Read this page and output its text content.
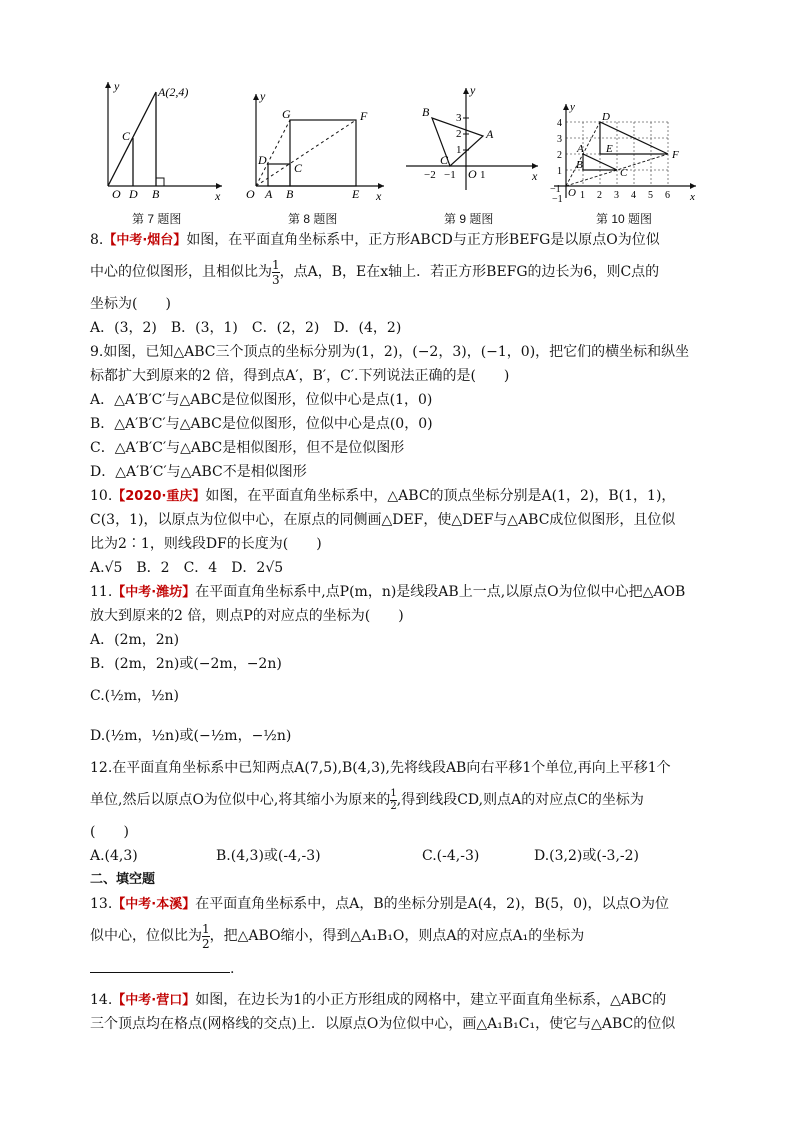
y
x
A(2,4)
C
O D B
第 7 题图
y
x
G	F
D
C
O A B	E
第 8 题图
y
x
B
A
C
O
3
2
1
−2 −1 1
第 9 题图
y
x
D
A E	F
B
C
O
4
3
2
1
−1
−1
1 2 3 4 5 6
第 10 题图
8.【中考·烟台】如图，在平面直角坐标系中，正方形ABCD与正方形BEFG是以原点O为位似
中心的位似图形，且相似比为 $\frac{1}{3}$ ，点A，B，E在x轴上．若正方形BEFG的边长为6，则C点的
坐标为(　　)
A．(3，2)　B．(3，1)　C．(2，2)　D．(4，2)
9.如图，已知△ABC三个顶点的坐标分别为(1，2)，(−2，3)，(−1，0)，把它们的横坐标和纵坐
标都扩大到原来的2 倍，得到点A′，B′，C′.下列说法正确的是(　　)
A．△A′B′C′与△ABC是位似图形，位似中心是点(1，0)
B．△A′B′C′与△ABC是位似图形，位似中心是点(0，0)
C．△A′B′C′与△ABC是相似图形，但不是位似图形
D．△A′B′C′与△ABC不是相似图形
10.【2020·重庆】如图，在平面直角坐标系中，△ABC的顶点坐标分别是A(1，2)，B(1，1)，
C(3，1)，以原点为位似中心，在原点的同侧画△DEF，使△DEF与△ABC成位似图形，且位似
比为2∶1，则线段DF的长度为(　　)
A.√5　B．2　C．4　D．2√5
11.【中考·潍坊】在平面直角坐标系中,点P(m，n)是线段AB上一点,以原点O为位似中心把△AOB
放大到原来的2 倍，则点P的对应点的坐标为(　　)
A．(2m，2n)
B．(2m，2n)或(−2m，−2n)
C.(½m，½n)
D.(½m，½n)或(−½m，−½n)
12.在平面直角坐标系中已知两点A(7,5),B(4,3),先将线段AB向右平移1个单位,再向上平移1个
单位,然后以原点O为位似中心,将其缩小为原来的 $\frac{1}{2}$ ,得到线段CD,则点A的对应点C的坐标为
(　　)
A.(4,3)	B.(4,3)或(-4,-3)	C.(-4,-3)	D.(3,2)或(-3,-2)
二、填空题
13.【中考·本溪】在平面直角坐标系中，点A，B的坐标分别是A(4，2)，B(5，0)，以点O为位
似中心，位似比为 $\frac{1}{2}$ ，把△ABO缩小，得到△A₁B₁O，则点A的对应点A₁的坐标为
.
14.【中考·营口】如图，在边长为1的小正方形组成的网格中，建立平面直角坐标系，△ABC的
三个顶点均在格点(网格线的交点)上．以原点O为位似中心，画△A₁B₁C₁，使它与△ABC的位似
